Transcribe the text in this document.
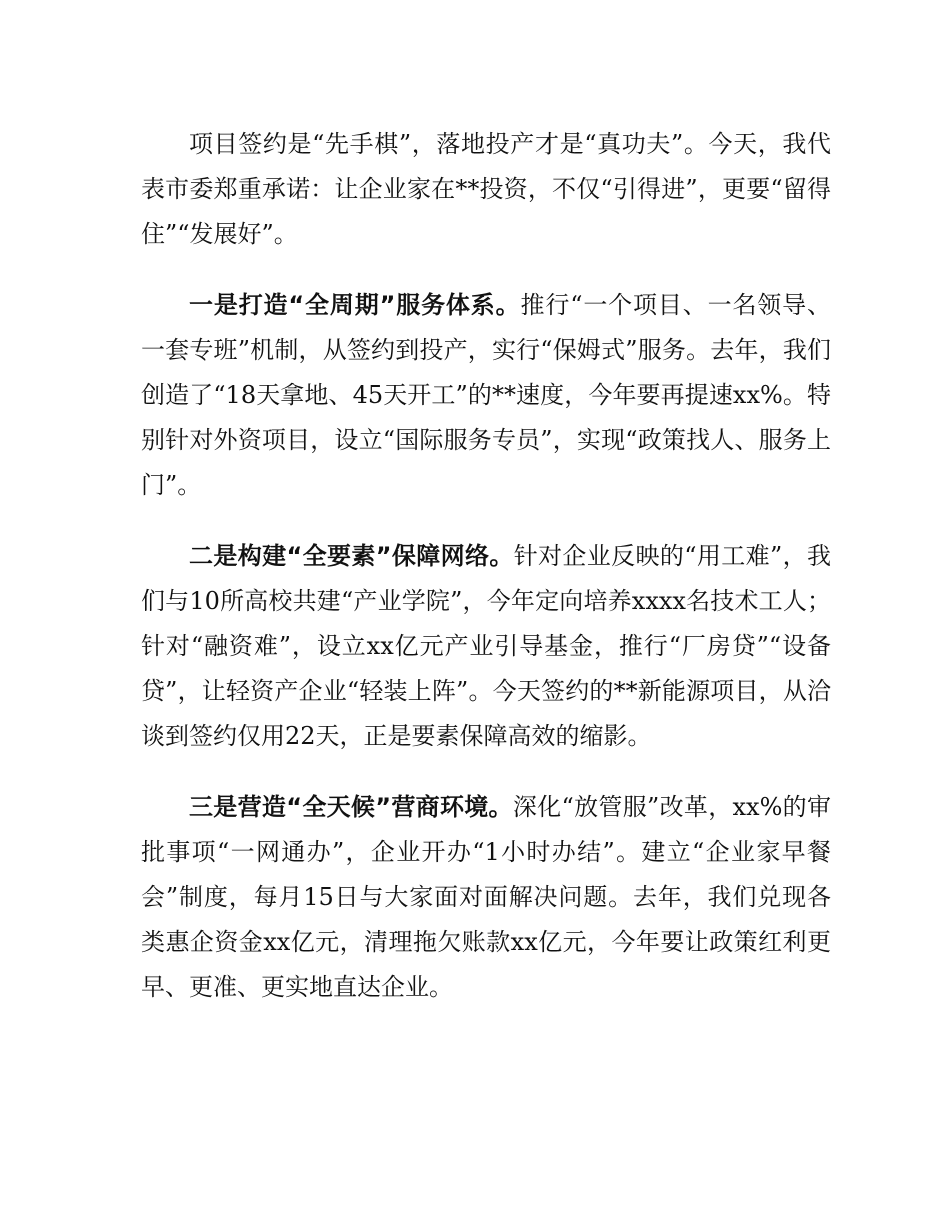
项目签约是“先手棋”，落地投产才是“真功夫”。今天，我代表市委郑重承诺：让企业家在**投资，不仅“引得进”，更要“留得住”“发展好”。

一是打造“全周期”服务体系。推行“一个项目、一名领导、一套专班”机制，从签约到投产，实行“保姆式”服务。去年，我们创造了“18天拿地、45天开工”的**速度，今年要再提速xx%。特别针对外资项目，设立“国际服务专员”，实现“政策找人、服务上门”。

二是构建“全要素”保障网络。针对企业反映的“用工难”，我们与10所高校共建“产业学院”，今年定向培养xxxx名技术工人；针对“融资难”，设立xx亿元产业引导基金，推行“厂房贷”“设备贷”，让轻资产企业“轻装上阵”。今天签约的**新能源项目，从洽谈到签约仅用22天，正是要素保障高效的缩影。

三是营造“全天候”营商环境。深化“放管服”改革，xx%的审批事项“一网通办”，企业开办“1小时办结”。建立“企业家早餐会”制度，每月15日与大家面对面解决问题。去年，我们兑现各类惠企资金xx亿元，清理拖欠账款xx亿元，今年要让政策红利更早、更准、更实地直达企业。
